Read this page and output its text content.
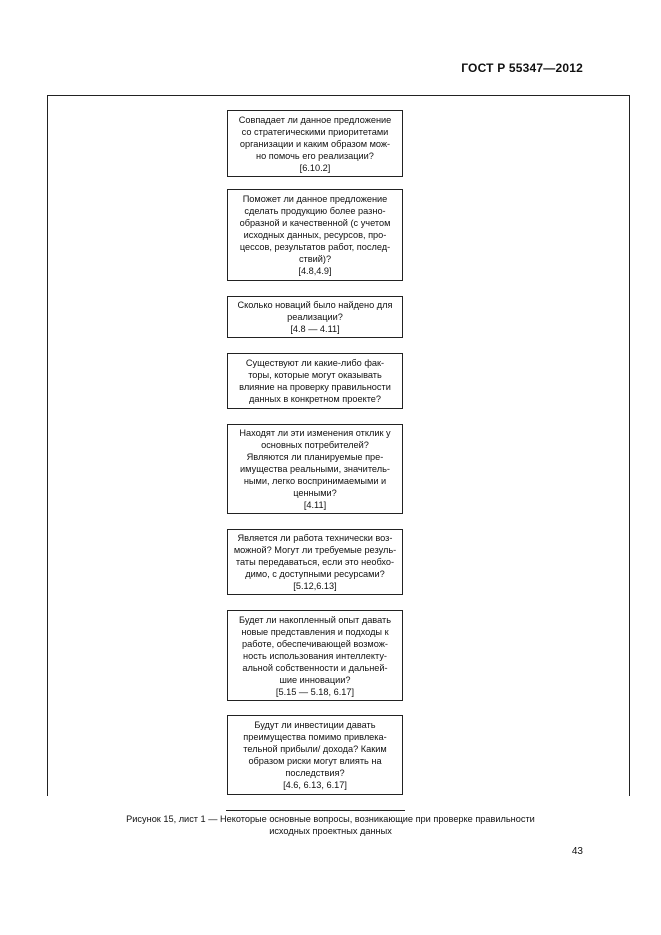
ГОСТ Р 55347—2012
Совпадает ли данное предложение
со стратегическими приоритетами
организации и каким образом мож-
но помочь его реализации?
[6.10.2]
Поможет ли данное предложение
сделать продукцию более разно-
образной и качественной (с учетом
исходных данных, ресурсов, про-
цессов, результатов работ, послед-
ствий)?
[4.8,4.9]
Сколько новаций было найдено для
реализации?
[4.8 — 4.11]
Существуют ли какие-либо фак-
торы, которые могут оказывать
влияние на проверку правильности
данных в конкретном проекте?
Находят ли эти изменения отклик у
основных потребителей?
Являются ли планируемые пре-
имущества реальными, значитель-
ными, легко воспринимаемыми и
ценными?
[4.11]
Является ли работа технически воз-
можной? Могут ли требуемые резуль-
таты передаваться, если это необхо-
димо, с доступными ресурсами?
[5.12,6.13]
Будет ли накопленный опыт давать
новые представления и подходы к
работе, обеспечивающей возмож-
ность использования интеллекту-
альной собственности и дальней-
шие инновации?
[5.15 — 5.18, 6.17]
Будут ли инвестиции давать
преимущества помимо привлека-
тельной прибыли/ дохода? Каким
образом риски могут влиять на
последствия?
[4.6, 6.13, 6.17]
Рисунок 15, лист 1 — Некоторые основные вопросы, возникающие при проверке правильности
исходных проектных данных
43
